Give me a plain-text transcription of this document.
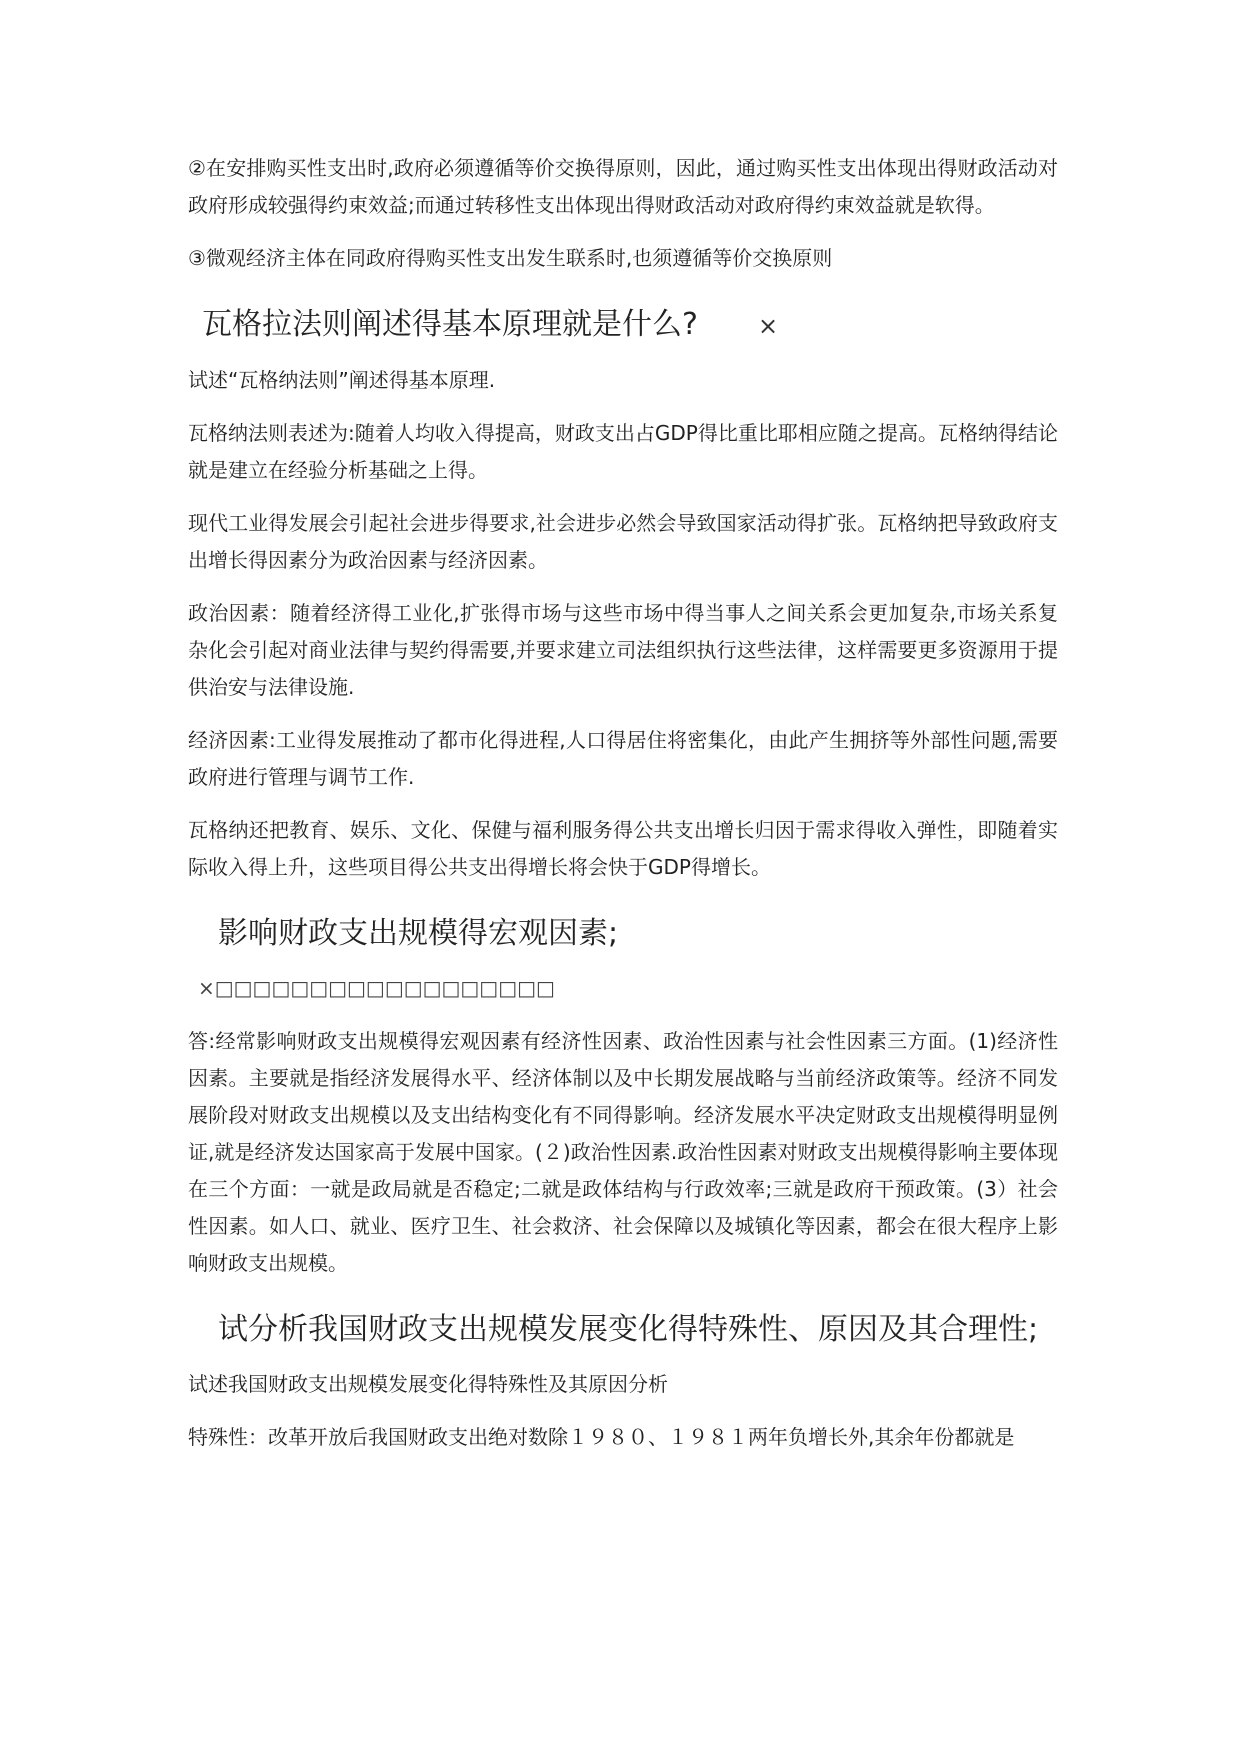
②在安排购买性支出时,政府必须遵循等价交换得原则，因此，通过购买性支出体现出得财政活动对政府形成较强得约束效益;而通过转移性支出体现出得财政活动对政府得约束效益就是软得。

③微观经济主体在同政府得购买性支出发生联系时,也须遵循等价交换原则

瓦格拉法则阐述得基本原理就是什么?	×

试述“瓦格纳法则”阐述得基本原理.

瓦格纳法则表述为:随着人均收入得提高，财政支出占GDP得比重比耶相应随之提高。瓦格纳得结论就是建立在经验分析基础之上得。

现代工业得发展会引起社会进步得要求,社会进步必然会导致国家活动得扩张。瓦格纳把导致政府支出增长得因素分为政治因素与经济因素。

政治因素：随着经济得工业化,扩张得市场与这些市场中得当事人之间关系会更加复杂,市场关系复杂化会引起对商业法律与契约得需要,并要求建立司法组织执行这些法律，这样需要更多资源用于提供治安与法律设施.

经济因素:工业得发展推动了都市化得进程,人口得居住将密集化，由此产生拥挤等外部性问题,需要政府进行管理与调节工作.

瓦格纳还把教育、娱乐、文化、保健与福利服务得公共支出增长归因于需求得收入弹性，即随着实际收入得上升，这些项目得公共支出得增长将会快于GDP得增长。

影响财政支出规模得宏观因素;
×□□□□□□□□□□□□□□□□□□

答:经常影响财政支出规模得宏观因素有经济性因素、政治性因素与社会性因素三方面。(1)经济性因素。主要就是指经济发展得水平、经济体制以及中长期发展战略与当前经济政策等。经济不同发展阶段对财政支出规模以及支出结构变化有不同得影响。经济发展水平决定财政支出规模得明显例证,就是经济发达国家高于发展中国家。(２)政治性因素.政治性因素对财政支出规模得影响主要体现在三个方面：一就是政局就是否稳定;二就是政体结构与行政效率;三就是政府干预政策。(3）社会性因素。如人口、就业、医疗卫生、社会救济、社会保障以及城镇化等因素，都会在很大程序上影响财政支出规模。

试分析我国财政支出规模发展变化得特殊性、原因及其合理性;

试述我国财政支出规模发展变化得特殊性及其原因分析

特殊性：改革开放后我国财政支出绝对数除１９８０、１９８１两年负增长外,其余年份都就是
